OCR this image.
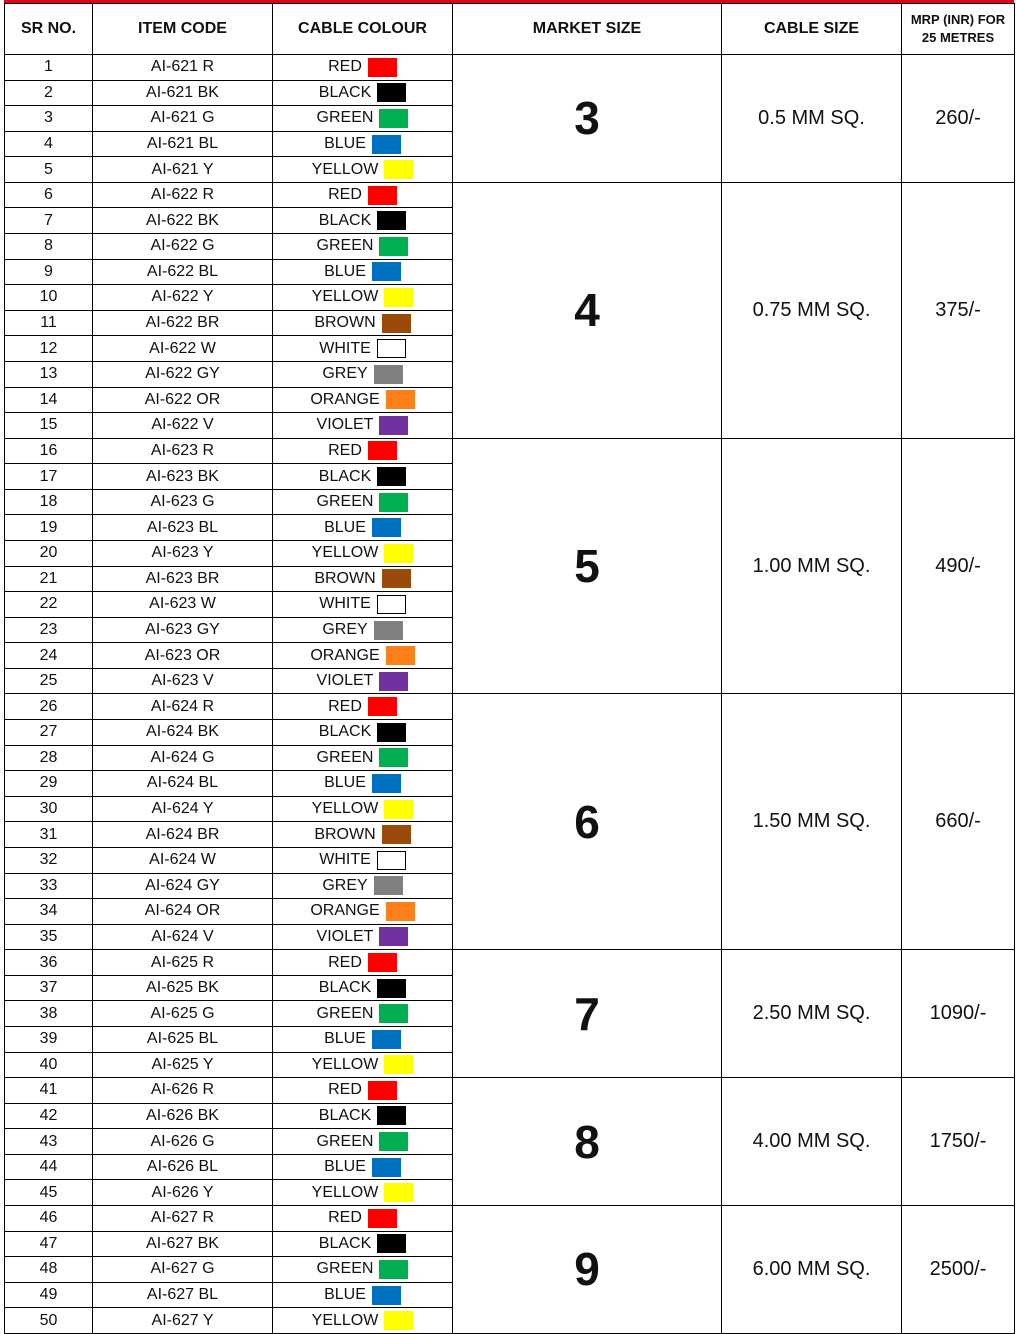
SR NO.	ITEM CODE	CABLE COLOUR	MARKET SIZE	CABLE SIZE	MRP (INR) FOR
25 METRES
1	AI-621 R	RED	3	0.5 MM SQ.	260/-
2	AI-621 BK	BLACK			
3	AI-621 G	GREEN			
4	AI-621 BL	BLUE			
5	AI-621 Y	YELLOW			
6	AI-622 R	RED	4	0.75 MM SQ.	375/-
7	AI-622 BK	BLACK			
8	AI-622 G	GREEN			
9	AI-622 BL	BLUE			
10	AI-622 Y	YELLOW			
11	AI-622 BR	BROWN			
12	AI-622 W	WHITE			
13	AI-622 GY	GREY			
14	AI-622 OR	ORANGE			
15	AI-622 V	VIOLET			
16	AI-623 R	RED	5	1.00 MM SQ.	490/-
17	AI-623 BK	BLACK			
18	AI-623 G	GREEN			
19	AI-623 BL	BLUE			
20	AI-623 Y	YELLOW			
21	AI-623 BR	BROWN			
22	AI-623 W	WHITE			
23	AI-623 GY	GREY			
24	AI-623 OR	ORANGE			
25	AI-623 V	VIOLET			
26	AI-624 R	RED	6	1.50 MM SQ.	660/-
27	AI-624 BK	BLACK			
28	AI-624 G	GREEN			
29	AI-624 BL	BLUE			
30	AI-624 Y	YELLOW			
31	AI-624 BR	BROWN			
32	AI-624 W	WHITE			
33	AI-624 GY	GREY			
34	AI-624 OR	ORANGE			
35	AI-624 V	VIOLET			
36	AI-625 R	RED	7	2.50 MM SQ.	1090/-
37	AI-625 BK	BLACK			
38	AI-625 G	GREEN			
39	AI-625 BL	BLUE			
40	AI-625 Y	YELLOW			
41	AI-626 R	RED	8	4.00 MM SQ.	1750/-
42	AI-626 BK	BLACK			
43	AI-626 G	GREEN			
44	AI-626 BL	BLUE			
45	AI-626 Y	YELLOW			
46	AI-627 R	RED	9	6.00 MM SQ.	2500/-
47	AI-627 BK	BLACK			
48	AI-627 G	GREEN			
49	AI-627 BL	BLUE			
50	AI-627 Y	YELLOW			
